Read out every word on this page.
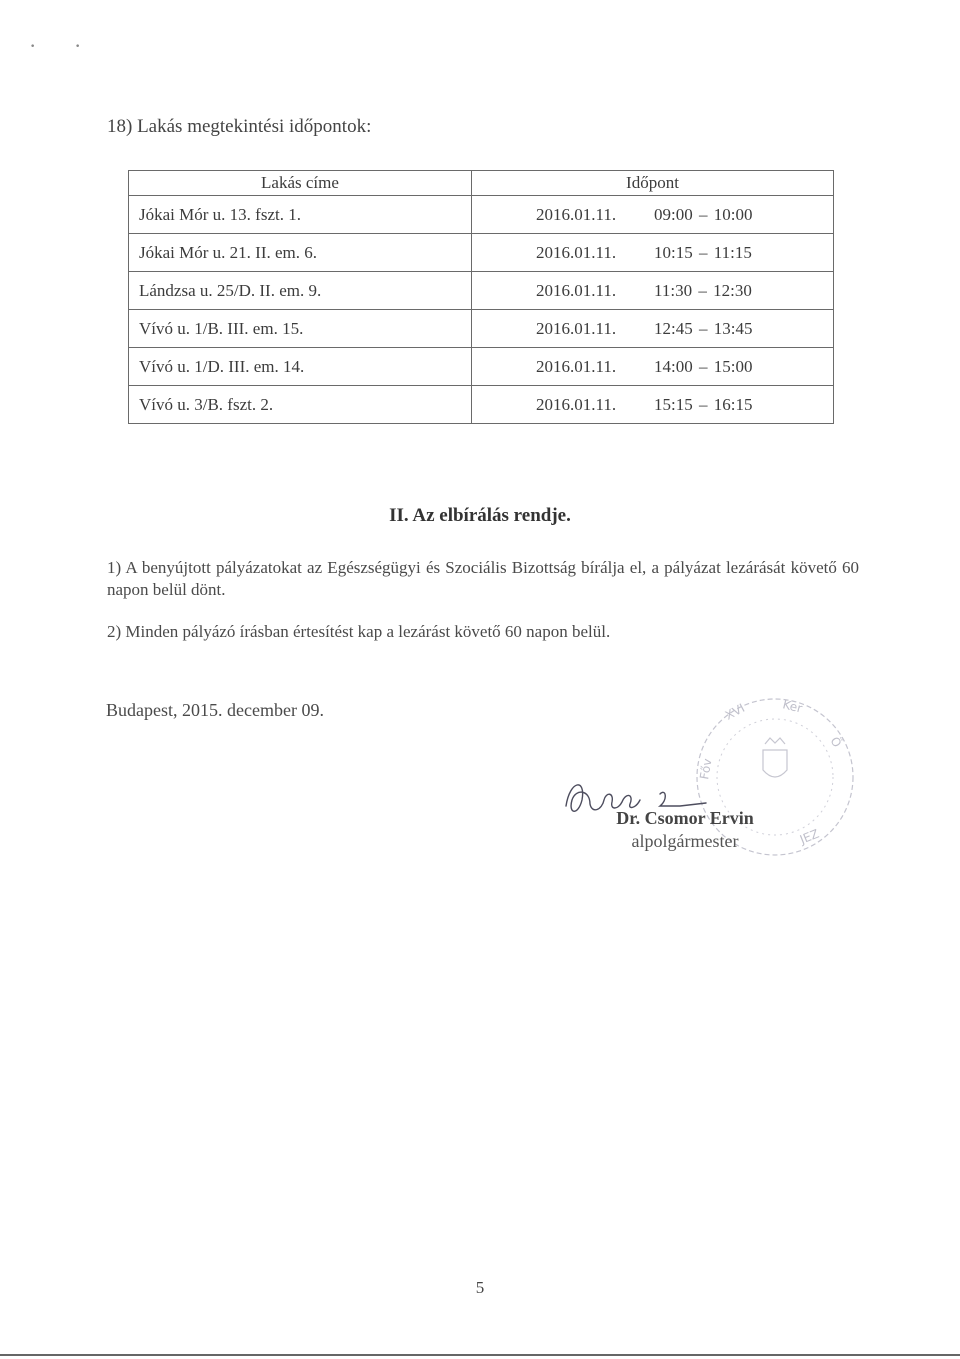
•	•
18) Lakás megtekintési időpontok:
Lakás címe	Időpont
Jókai Mór u. 13. fszt. 1.	2016.01.11. 09:00 – 10:00
Jókai Mór u. 21. II. em. 6.	2016.01.11. 10:15 – 11:15
Lándzsa u. 25/D. II. em. 9.	2016.01.11. 11:30 – 12:30
Vívó u. 1/B. III. em. 15.	2016.01.11. 12:45 – 13:45
Vívó u. 1/D. III. em. 14.	2016.01.11. 14:00 – 15:00
Vívó u. 3/B. fszt. 2.	2016.01.11. 15:15 – 16:15
II. Az elbírálás rendje.
1) A benyújtott pályázatokat az Egészségügyi és Szociális Bizottság bírálja el, a pályázat lezárását követő 60 napon belül dönt.
2) Minden pályázó írásban értesítést kap a lezárást követő 60 napon belül.
Budapest, 2015. december 09.	XVI	Ker
Ö
Főv
JEZ
Dr. Csomor Ervin
alpolgármester
5
